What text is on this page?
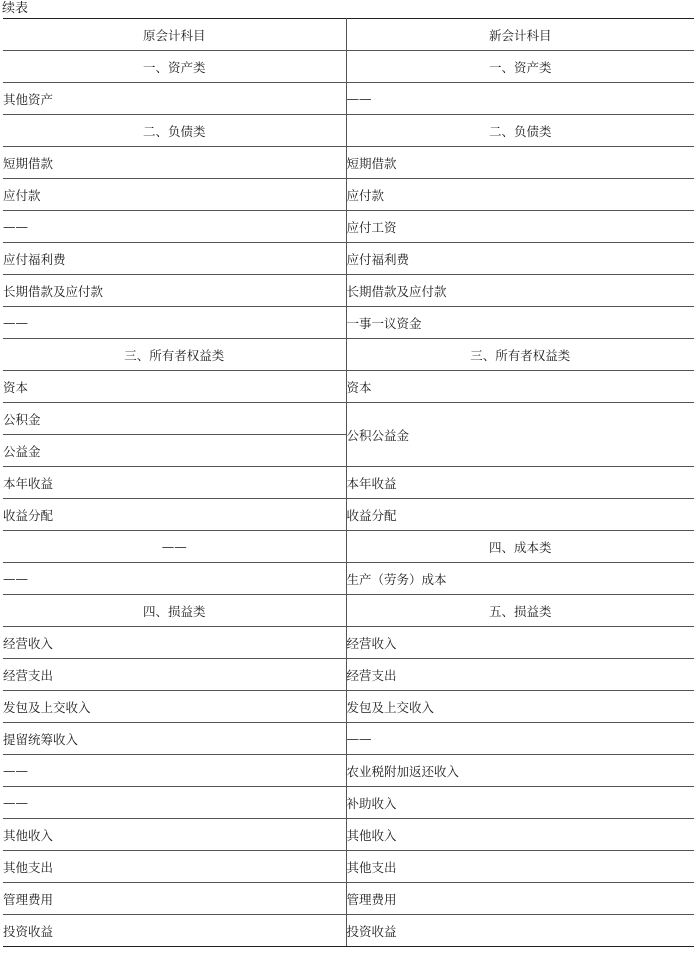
续表
原会计科目	新会计科目
一、资产类	一、资产类
其他资产	——
二、负债类	二、负债类
短期借款	短期借款
应付款	应付款
——	应付工资
应付福利费	应付福利费
长期借款及应付款	长期借款及应付款
——	一事一议资金
三、所有者权益类	三、所有者权益类
资本	资本
公积金	公积公益金
公益金	
本年收益	本年收益
收益分配	收益分配
——	四、成本类
——	生产（劳务）成本
四、损益类	五、损益类
经营收入	经营收入
经营支出	经营支出
发包及上交收入	发包及上交收入
提留统筹收入	——
——	农业税附加返还收入
——	补助收入
其他收入	其他收入
其他支出	其他支出
管理费用	管理费用
投资收益	投资收益
